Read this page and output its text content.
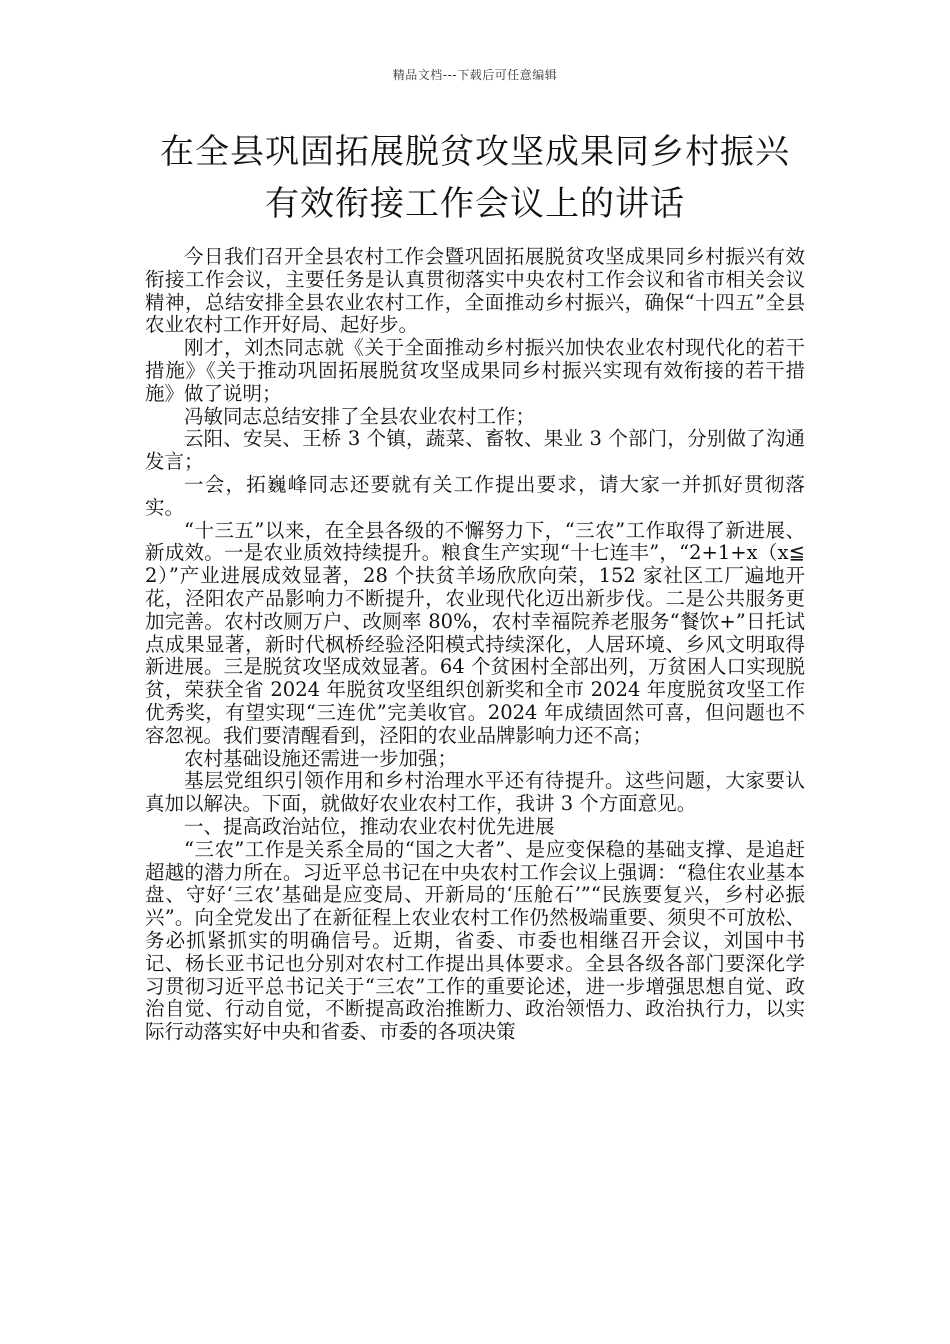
精品文档---下载后可任意编辑
在全县巩固拓展脱贫攻坚成果同乡村振兴
有效衔接工作会议上的讲话

今日我们召开全县农村工作会暨巩固拓展脱贫攻坚成果同乡村振兴有效衔接工作会议，主要任务是认真贯彻落实中央农村工作会议和省市相关会议精神，总结安排全县农业农村工作，全面推动乡村振兴，确保“十四五”全县农业农村工作开好局、起好步。

刚才，刘杰同志就《关于全面推动乡村振兴加快农业农村现代化的若干措施》《关于推动巩固拓展脱贫攻坚成果同乡村振兴实现有效衔接的若干措施》做了说明；

冯敏同志总结安排了全县农业农村工作；

云阳、安吴、王桥 3 个镇，蔬菜、畜牧、果业 3 个部门，分别做了沟通发言；

一会，拓巍峰同志还要就有关工作提出要求，请大家一并抓好贯彻落实。

“十三五”以来，在全县各级的不懈努力下，“三农”工作取得了新进展、新成效。一是农业质效持续提升。粮食生产实现“十七连丰”，“2+1+x（x≦2）”产业进展成效显著，28 个扶贫羊场欣欣向荣，152 家社区工厂遍地开花，泾阳农产品影响力不断提升，农业现代化迈出新步伐。二是公共服务更加完善。农村改厕万户、改厕率 80%，农村幸福院养老服务“餐饮+”日托试点成果显著，新时代枫桥经验泾阳模式持续深化，人居环境、乡风文明取得新进展。三是脱贫攻坚成效显著。64 个贫困村全部出列，万贫困人口实现脱贫，荣获全省 2024 年脱贫攻坚组织创新奖和全市 2024 年度脱贫攻坚工作优秀奖，有望实现“三连优”完美收官。2024 年成绩固然可喜，但问题也不容忽视。我们要清醒看到，泾阳的农业品牌影响力还不高；

农村基础设施还需进一步加强；

基层党组织引领作用和乡村治理水平还有待提升。这些问题，大家要认真加以解决。下面，就做好农业农村工作，我讲 3 个方面意见。

一、提高政治站位，推动农业农村优先进展

“三农”工作是关系全局的“国之大者”、是应变保稳的基础支撑、是追赶超越的潜力所在。习近平总书记在中央农村工作会议上强调：“稳住农业基本盘、守好‘三农’基础是应变局、开新局的‘压舱石’”“民族要复兴，乡村必振兴”。向全党发出了在新征程上农业农村工作仍然极端重要、须臾不可放松、务必抓紧抓实的明确信号。近期，省委、市委也相继召开会议，刘国中书记、杨长亚书记也分别对农村工作提出具体要求。全县各级各部门要深化学习贯彻习近平总书记关于“三农”工作的重要论述，进一步增强思想自觉、政治自觉、行动自觉，不断提高政治推断力、政治领悟力、政治执行力，以实际行动落实好中央和省委、市委的各项决策
